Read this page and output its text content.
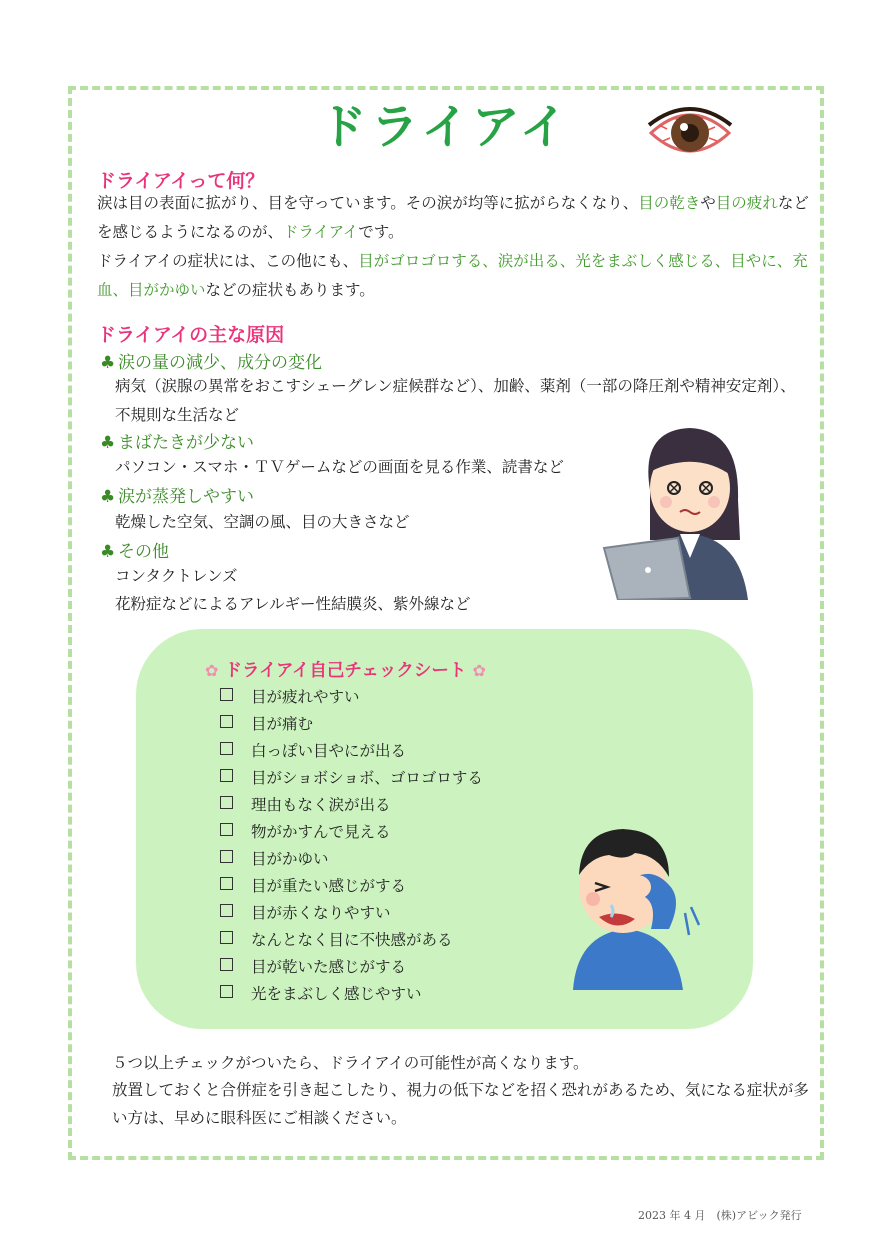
ドライアイ
ドライアイって何？
涙は目の表面に拡がり、目を守っています。その涙が均等に拡がらなくなり、目の乾きや目の疲れなどを感じるようになるのが、ドライアイです。
ドライアイの症状には、この他にも、目がゴロゴロする、涙が出る、光をまぶしく感じる、目やに、充血、目がかゆいなどの症状もあります。
ドライアイの主な原因
♣ 涙の量の減少、成分の変化
病気（涙腺の異常をおこすシェーグレン症候群など）、加齢、薬剤（一部の降圧剤や精神安定剤）、不規則な生活など
♣ まばたきが少ない
パソコン・スマホ・ＴＶゲームなどの画面を見る作業、読書など
♣ 涙が蒸発しやすい
乾燥した空気、空調の風、目の大きさなど
♣ その他
コンタクトレンズ
花粉症などによるアレルギー性結膜炎、紫外線など
✿ ドライアイ自己チェックシート ✿
目が疲れやすい
目が痛む
白っぽい目やにが出る
目がショボショボ、ゴロゴロする
理由もなく涙が出る
物がかすんで見える
目がかゆい
目が重たい感じがする
目が赤くなりやすい
なんとなく目に不快感がある
目が乾いた感じがする
光をまぶしく感じやすい
５つ以上チェックがついたら、ドライアイの可能性が高くなります。
放置しておくと合併症を引き起こしたり、視力の低下などを招く恐れがあるため、気になる症状が多い方は、早めに眼科医にご相談ください。
2023 年 4 月　(株)アビック発行
